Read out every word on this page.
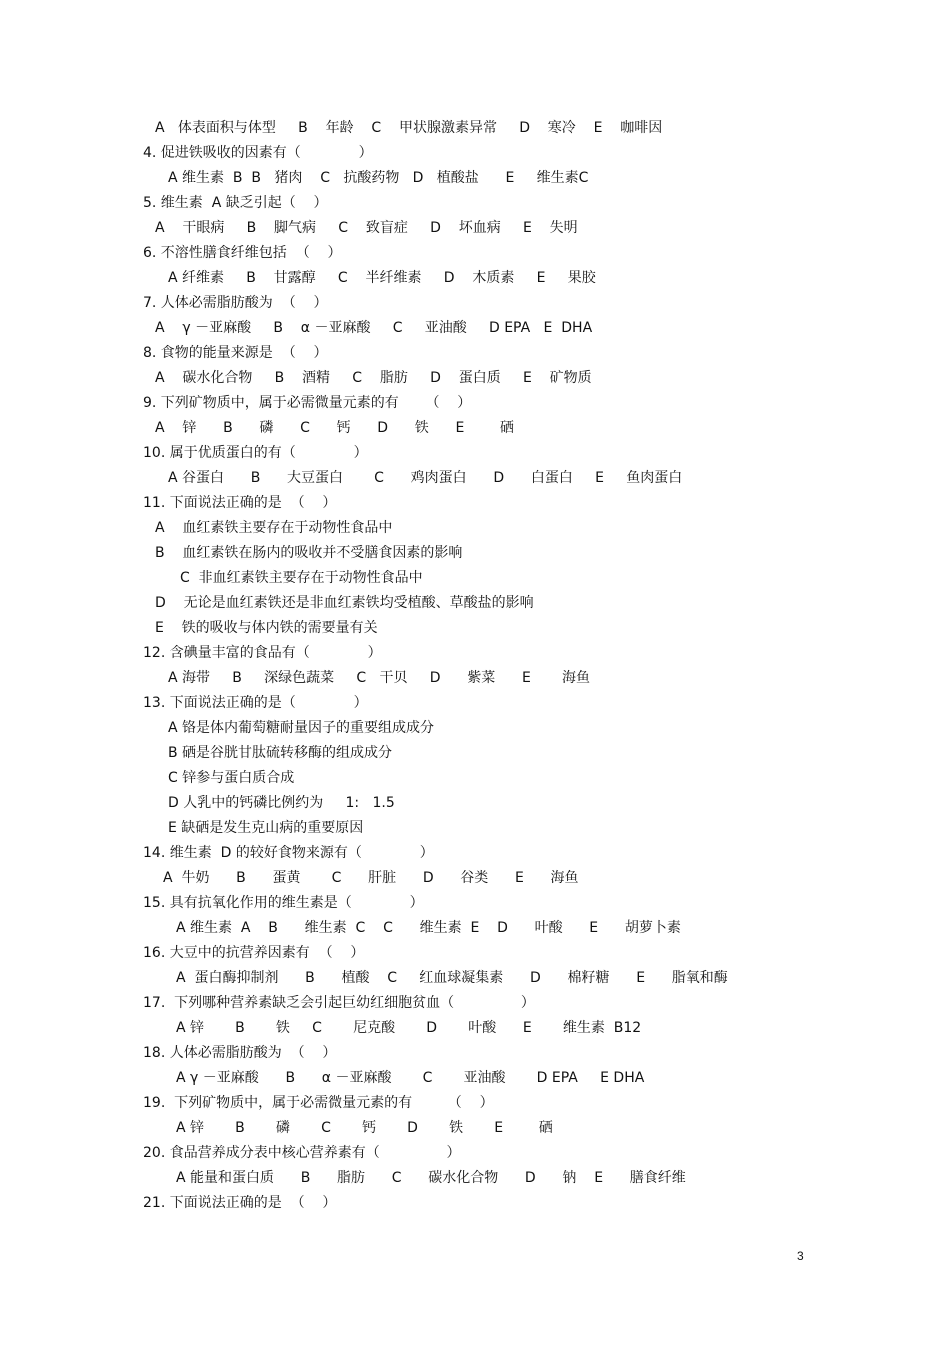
A   体表面积与体型     B    年龄    C    甲状腺激素异常     D    寒冷    E    咖啡因
4. 促进铁吸收的因素有（             ）
A 维生素  B  B   猪肉    C   抗酸药物   D   植酸盐      E     维生素C
5. 维生素  A 缺乏引起（    ）
A    干眼病     B    脚气病     C    致盲症     D    坏血病     E    失明
6. 不溶性膳食纤维包括  （    ）
A 纤维素     B    甘露醇     C    半纤维素     D    木质素     E     果胶
7. 人体必需脂肪酸为  （    ）
A    γ －亚麻酸     B    α －亚麻酸     C     亚油酸     D EPA   E  DHA
8. 食物的能量来源是  （    ）
A    碳水化合物     B    酒精     C    脂肪     D    蛋白质     E    矿物质
9. 下列矿物质中，属于必需微量元素的有      （    ）
A    锌      B      磷      C      钙      D      铁      E        硒
10. 属于优质蛋白的有（             ）
A 谷蛋白      B      大豆蛋白       C      鸡肉蛋白      D      白蛋白     E     鱼肉蛋白
11. 下面说法正确的是  （    ）
A    血红素铁主要存在于动物性食品中
B    血红素铁在肠内的吸收并不受膳食因素的影响
C  非血红素铁主要存在于动物性食品中
D    无论是血红素铁还是非血红素铁均受植酸、草酸盐的影响
E    铁的吸收与体内铁的需要量有关
12. 含碘量丰富的食品有（             ）
A 海带     B     深绿色蔬菜     C   干贝     D      紫菜      E       海鱼
13. 下面说法正确的是（             ）
A 铬是体内葡萄糖耐量因子的重要组成成分
B 硒是谷胱甘肽硫转移酶的组成成分
C 锌参与蛋白质合成
D 人乳中的钙磷比例约为     1:   1.5
E 缺硒是发生克山病的重要原因
14. 维生素  D 的较好食物来源有（             ）
A  牛奶      B      蛋黄       C      肝脏      D      谷类      E      海鱼
15. 具有抗氧化作用的维生素是（             ）
A 维生素  A    B      维生素  C    C      维生素  E    D      叶酸      E      胡萝卜素
16. 大豆中的抗营养因素有  （    ）
A  蛋白酶抑制剂      B      植酸    C     红血球凝集素      D      棉籽糖      E      脂氧和酶
17.  下列哪种营养素缺乏会引起巨幼红细胞贫血（               ）
A 锌       B       铁     C       尼克酸       D       叶酸      E       维生素  B12
18. 人体必需脂肪酸为  （    ）
A γ －亚麻酸      B      α －亚麻酸       C       亚油酸       D EPA     E DHA
19.  下列矿物质中，属于必需微量元素的有        （    ）
A 锌       B       磷       C       钙       D       铁       E        硒
20. 食品营养成分表中核心营养素有（               ）
A 能量和蛋白质      B      脂肪      C      碳水化合物      D      钠    E      膳食纤维
21. 下面说法正确的是  （    ）
3
